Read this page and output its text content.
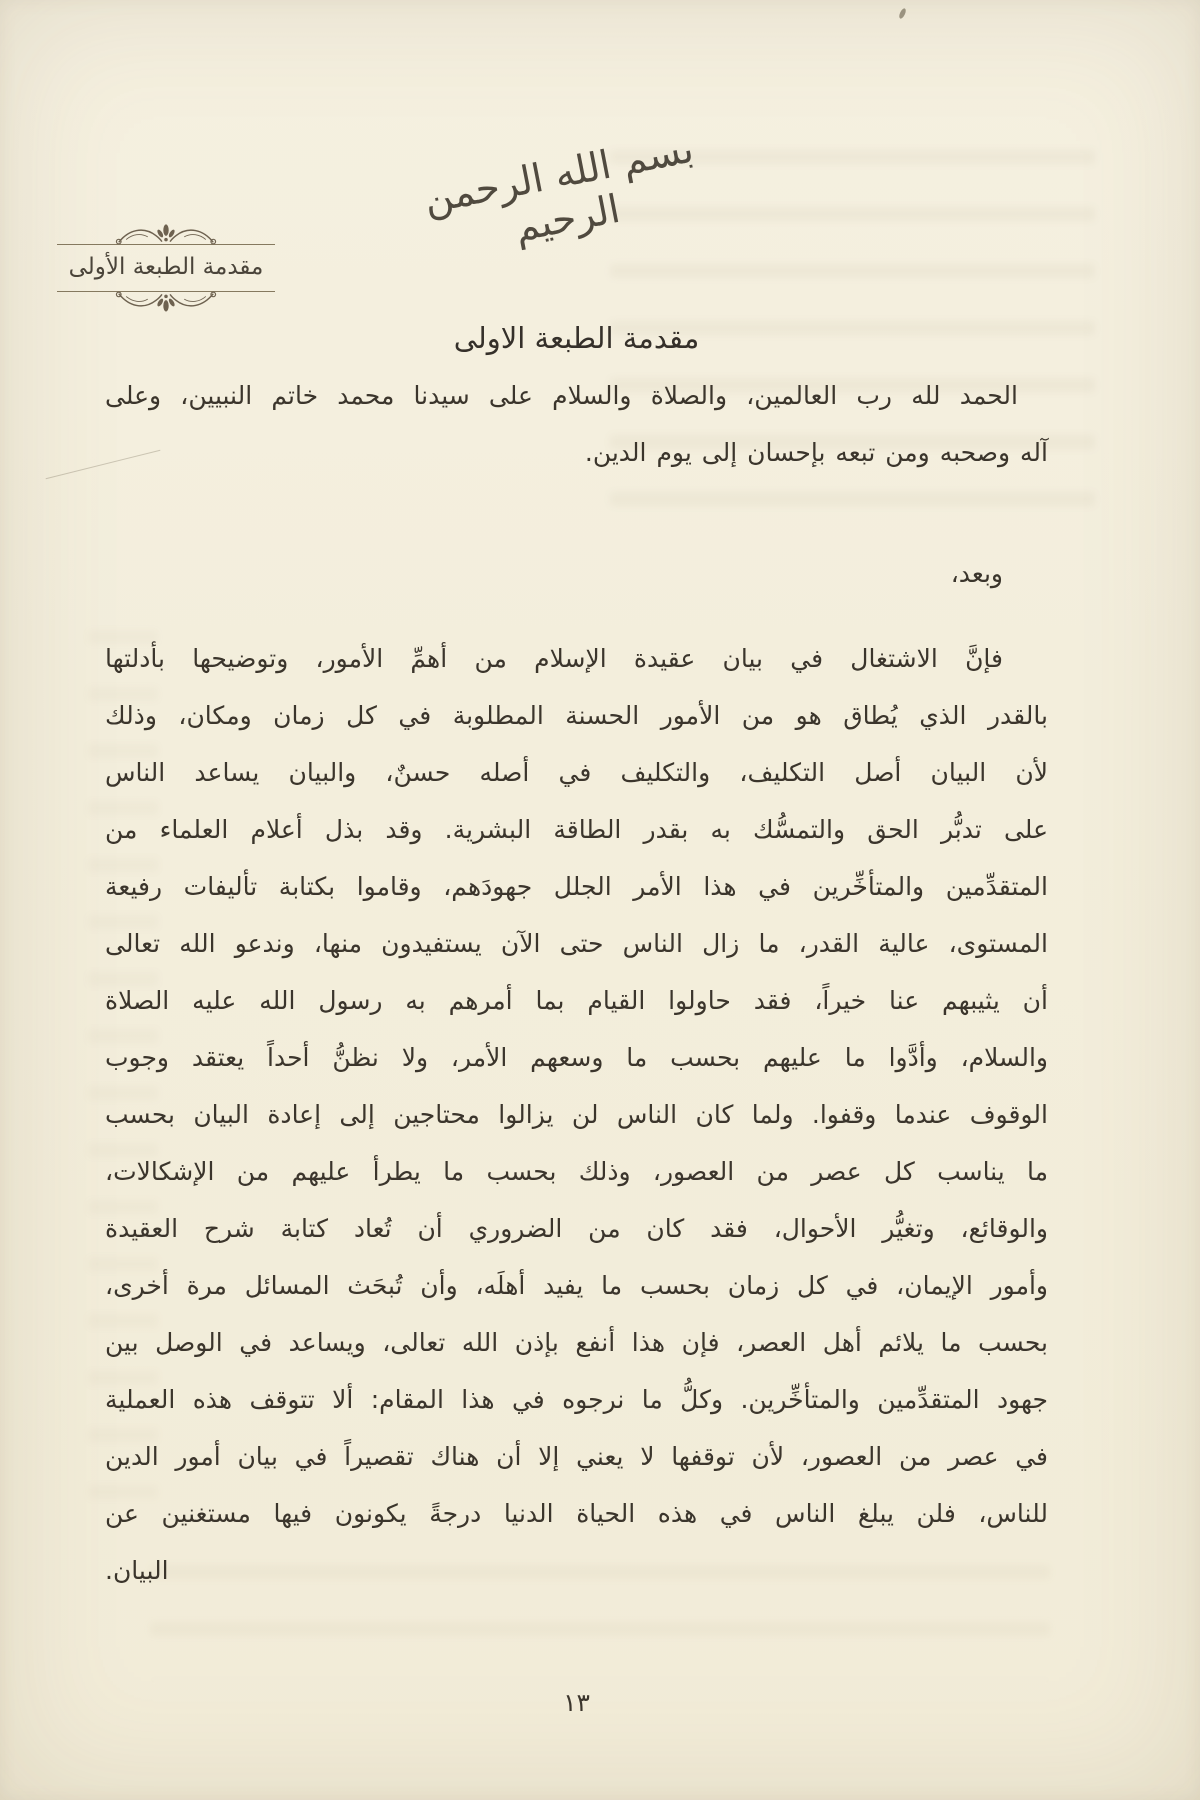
بسم الله الرحمن الرحيم
مقدمة الطبعة الأولى
مقدمة الطبعة الاولى

الحمد لله رب العالمين، والصلاة والسلام على سيدنا محمد خاتم النبيين، وعلى
آله وصحبه ومن تبعه بإحسان إلى يوم الدين.

وبعد،

فإنَّ الاشتغال في بيان عقيدة الإسلام من أهمِّ الأمور، وتوضيحها بأدلتها
بالقدر الذي يُطاق هو من الأمور الحسنة المطلوبة في كل زمان ومكان، وذلك
لأن البيان أصل التكليف، والتكليف في أصله حسنٌ، والبيان يساعد الناس
على تدبُّر الحق والتمسُّك به بقدر الطاقة البشرية. وقد بذل أعلام العلماء من
المتقدِّمين والمتأخِّرين في هذا الأمر الجلل جهودَهم، وقاموا بكتابة تأليفات رفيعة
المستوى، عالية القدر، ما زال الناس حتى الآن يستفيدون منها، وندعو الله تعالى
أن يثيبهم عنا خيراً، فقد حاولوا القيام بما أمرهم به رسول الله عليه الصلاة
والسلام، وأدَّوا ما عليهم بحسب ما وسعهم الأمر، ولا نظنُّ أحداً يعتقد وجوب
الوقوف عندما وقفوا. ولما كان الناس لن يزالوا محتاجين إلى إعادة البيان بحسب
ما يناسب كل عصر من العصور، وذلك بحسب ما يطرأ عليهم من الإشكالات،
والوقائع، وتغيُّر الأحوال، فقد كان من الضروري أن تُعاد كتابة شرح العقيدة
وأمور الإيمان، في كل زمان بحسب ما يفيد أهلَه، وأن تُبحَث المسائل مرة أخرى،
بحسب ما يلائم أهل العصر، فإن هذا أنفع بإذن الله تعالى، ويساعد في الوصل بين
جهود المتقدِّمين والمتأخِّرين. وكلُّ ما نرجوه في هذا المقام: ألا تتوقف هذه العملية
في عصر من العصور، لأن توقفها لا يعني إلا أن هناك تقصيراً في بيان أمور الدين
للناس، فلن يبلغ الناس في هذه الحياة الدنيا درجةً يكونون فيها مستغنين عن
البيان.

١٣
